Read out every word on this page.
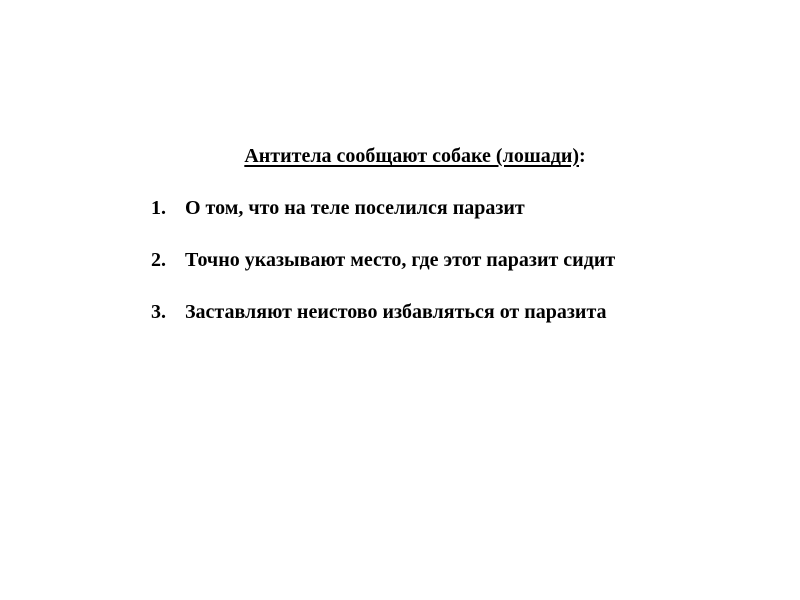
Антитела сообщают собаке (лошади):
1. О том, что на теле поселился паразит
2. Точно указывают место, где этот паразит сидит
3. Заставляют неистово избавляться от паразита
